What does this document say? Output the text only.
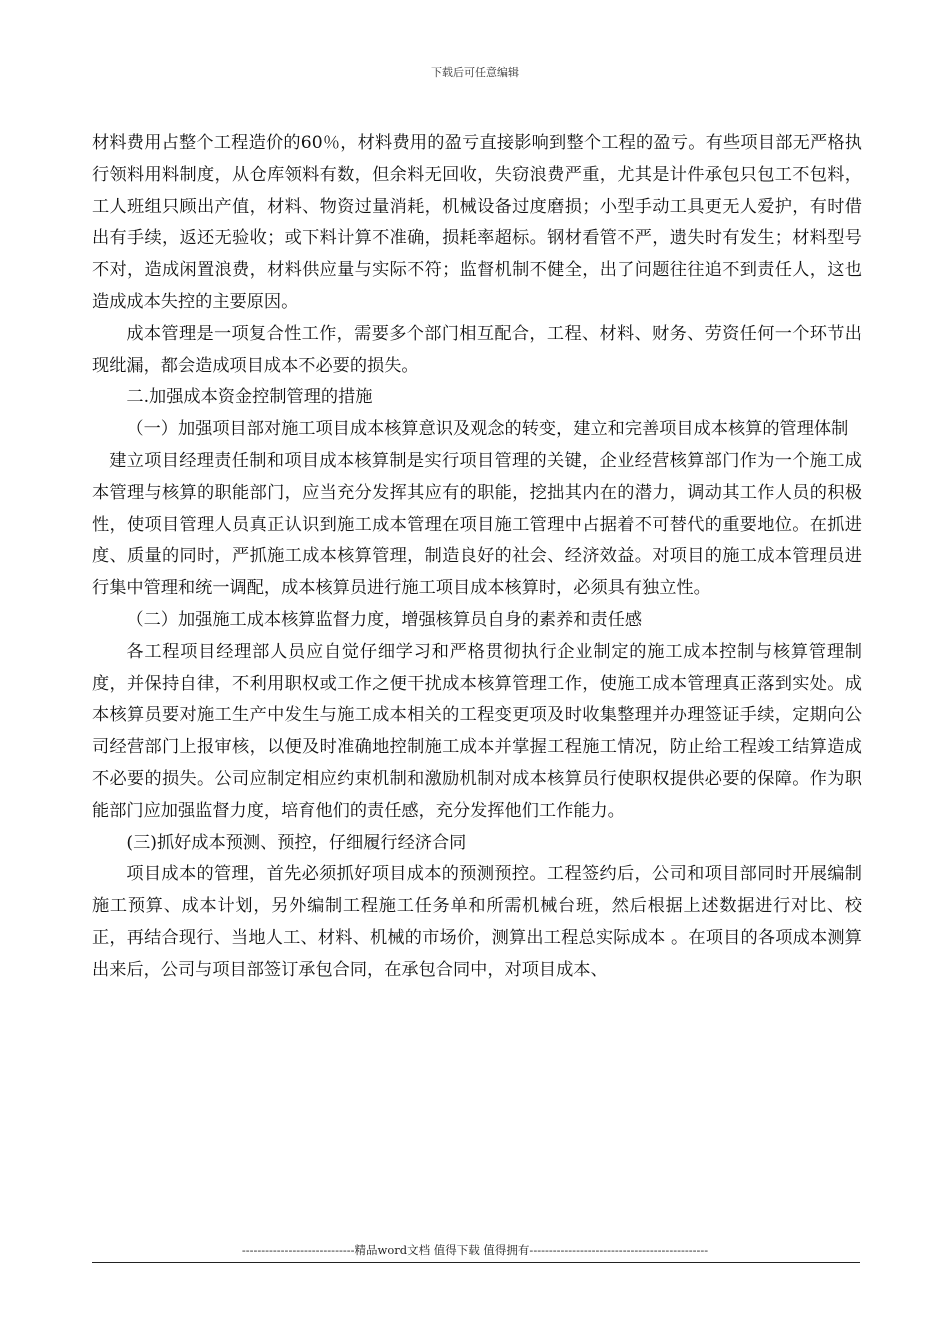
下载后可任意编辑

材料费用占整个工程造价的60％，材料费用的盈亏直接影响到整个工程的盈亏。有些项目部无严格执行领料用料制度，从仓库领料有数，但余料无回收，失窃浪费严重，尤其是计件承包只包工不包料，工人班组只顾出产值，材料、物资过量消耗，机械设备过度磨损；小型手动工具更无人爱护，有时借出有手续，返还无验收；或下料计算不准确，损耗率超标。钢材看管不严，遗失时有发生；材料型号不对，造成闲置浪费，材料供应量与实际不符；监督机制不健全，出了问题往往追不到责任人，这也造成成本失控的主要原因。

成本管理是一项复合性工作，需要多个部门相互配合，工程、材料、财务、劳资任何一个环节出现纰漏，都会造成项目成本不必要的损失。

二.加强成本资金控制管理的措施

（一）加强项目部对施工项目成本核算意识及观念的转变，建立和完善项目成本核算的管理体制

建立项目经理责任制和项目成本核算制是实行项目管理的关键，企业经营核算部门作为一个施工成本管理与核算的职能部门，应当充分发挥其应有的职能，挖拙其内在的潜力，调动其工作人员的积极性，使项目管理人员真正认识到施工成本管理在项目施工管理中占据着不可替代的重要地位。在抓进度、质量的同时，严抓施工成本核算管理，制造良好的社会、经济效益。对项目的施工成本管理员进行集中管理和统一调配，成本核算员进行施工项目成本核算时，必须具有独立性。

（二）加强施工成本核算监督力度，增强核算员自身的素养和责任感

各工程项目经理部人员应自觉仔细学习和严格贯彻执行企业制定的施工成本控制与核算管理制度，并保持自律，不利用职权或工作之便干扰成本核算管理工作，使施工成本管理真正落到实处。成本核算员要对施工生产中发生与施工成本相关的工程变更项及时收集整理并办理签证手续，定期向公司经营部门上报审核，以便及时准确地控制施工成本并掌握工程施工情况，防止给工程竣工结算造成不必要的损失。公司应制定相应约束机制和激励机制对成本核算员行使职权提供必要的保障。作为职能部门应加强监督力度，培育他们的责任感，充分发挥他们工作能力。

(三)抓好成本预测、预控，仔细履行经济合同

项目成本的管理，首先必须抓好项目成本的预测预控。工程签约后，公司和项目部同时开展编制施工预算、成本计划，另外编制工程施工任务单和所需机械台班，然后根据上述数据进行对比、校正，再结合现行、当地人工、材料、机械的市场价，测算出工程总实际成本 。在项目的各项成本测算出来后，公司与项目部签订承包合同，在承包合同中，对项目成本、

-----------------------------精品word文档 值得下载 值得拥有----------------------------------------------
